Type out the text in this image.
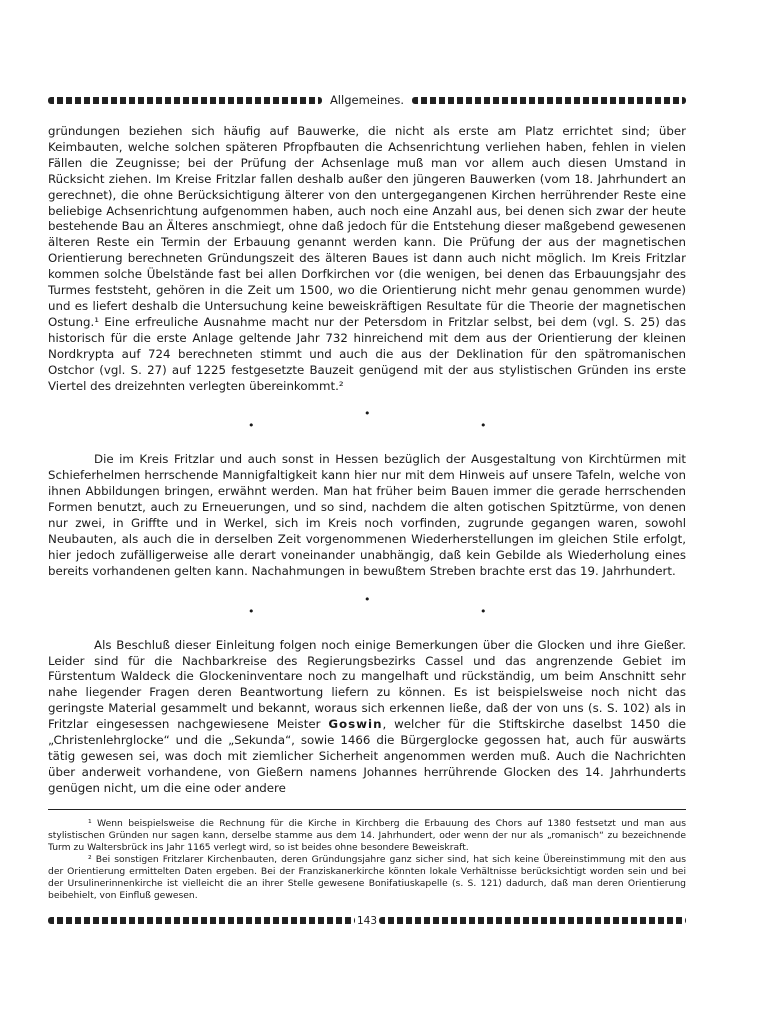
Allgemeines.

gründungen beziehen sich häufig auf Bauwerke, die nicht als erste am Platz errichtet sind; über Keimbauten, welche solchen späteren Pfropfbauten die Achsenrichtung verliehen haben, fehlen in vielen Fällen die Zeugnisse; bei der Prüfung der Achsenlage muß man vor allem auch diesen Umstand in Rücksicht ziehen. Im Kreise Fritzlar fallen deshalb außer den jüngeren Bauwerken (vom 18. Jahrhundert an gerechnet), die ohne Berücksichtigung älterer von den untergegangenen Kirchen herrührender Reste eine beliebige Achsenrichtung aufgenommen haben, auch noch eine Anzahl aus, bei denen sich zwar der heute bestehende Bau an Älteres anschmiegt, ohne daß jedoch für die Entstehung dieser maßgebend gewesenen älteren Reste ein Termin der Erbauung genannt werden kann. Die Prüfung der aus der magnetischen Orientierung berechneten Gründungszeit des älteren Baues ist dann auch nicht möglich. Im Kreis Fritzlar kommen solche Übelstände fast bei allen Dorfkirchen vor (die wenigen, bei denen das Erbauungsjahr des Turmes feststeht, gehören in die Zeit um 1500, wo die Orientierung nicht mehr genau genommen wurde) und es liefert deshalb die Untersuchung keine beweiskräftigen Resultate für die Theorie der magnetischen Ostung.¹ Eine erfreuliche Ausnahme macht nur der Petersdom in Fritzlar selbst, bei dem (vgl. S. 25) das historisch für die erste Anlage geltende Jahr 732 hinreichend mit dem aus der Orientierung der kleinen Nordkrypta auf 724 berechneten stimmt und auch die aus der Deklination für den spätromanischen Ostchor (vgl. S. 27) auf 1225 festgesetzte Bauzeit genügend mit der aus stylistischen Gründen ins erste Viertel des dreizehnten verlegten übereinkommt.²

•
•
•

Die im Kreis Fritzlar und auch sonst in Hessen bezüglich der Ausgestaltung von Kirchtürmen mit Schieferhelmen herrschende Mannigfaltigkeit kann hier nur mit dem Hinweis auf unsere Tafeln, welche von ihnen Abbildungen bringen, erwähnt werden. Man hat früher beim Bauen immer die gerade herrschenden Formen benutzt, auch zu Erneuerungen, und so sind, nachdem die alten gotischen Spitztürme, von denen nur zwei, in Griffte und in Werkel, sich im Kreis noch vorfinden, zugrunde gegangen waren, sowohl Neubauten, als auch die in derselben Zeit vorgenommenen Wiederherstellungen im gleichen Stile erfolgt, hier jedoch zufälligerweise alle derart voneinander unabhängig, daß kein Gebilde als Wiederholung eines bereits vorhandenen gelten kann. Nachahmungen in bewußtem Streben brachte erst das 19. Jahrhundert.

•
•
•

Als Beschluß dieser Einleitung folgen noch einige Bemerkungen über die Glocken und ihre Gießer. Leider sind für die Nachbarkreise des Regierungsbezirks Cassel und das angrenzende Gebiet im Fürstentum Waldeck die Glockeninventare noch zu mangelhaft und rückständig, um beim Anschnitt sehr nahe liegender Fragen deren Beantwortung liefern zu können. Es ist beispielsweise noch nicht das geringste Material gesammelt und bekannt, woraus sich erkennen ließe, daß der von uns (s. S. 102) als in Fritzlar eingesessen nachgewiesene Meister Goswin, welcher für die Stiftskirche daselbst 1450 die „Christenlehrglocke“ und die „Sekunda“, sowie 1466 die Bürgerglocke gegossen hat, auch für auswärts tätig gewesen sei, was doch mit ziemlicher Sicherheit angenommen werden muß. Auch die Nachrichten über anderweit vorhandene, von Gießern namens Johannes herrührende Glocken des 14. Jahrhunderts genügen nicht, um die eine oder andere

¹ Wenn beispielsweise die Rechnung für die Kirche in Kirchberg die Erbauung des Chors auf 1380 festsetzt und man aus stylistischen Gründen nur sagen kann, derselbe stamme aus dem 14. Jahrhundert, oder wenn der nur als „romanisch“ zu bezeichnende Turm zu Waltersbrück ins Jahr 1165 verlegt wird, so ist beides ohne besondere Beweiskraft.

² Bei sonstigen Fritzlarer Kirchenbauten, deren Gründungsjahre ganz sicher sind, hat sich keine Übereinstimmung mit den aus der Orientierung ermittelten Daten ergeben. Bei der Franziskanerkirche könnten lokale Verhältnisse berücksichtigt worden sein und bei der Ursulinerinnenkirche ist vielleicht die an ihrer Stelle gewesene Bonifatiuskapelle (s. S. 121) dadurch, daß man deren Orientierung beibehielt, von Einfluß gewesen.

143
